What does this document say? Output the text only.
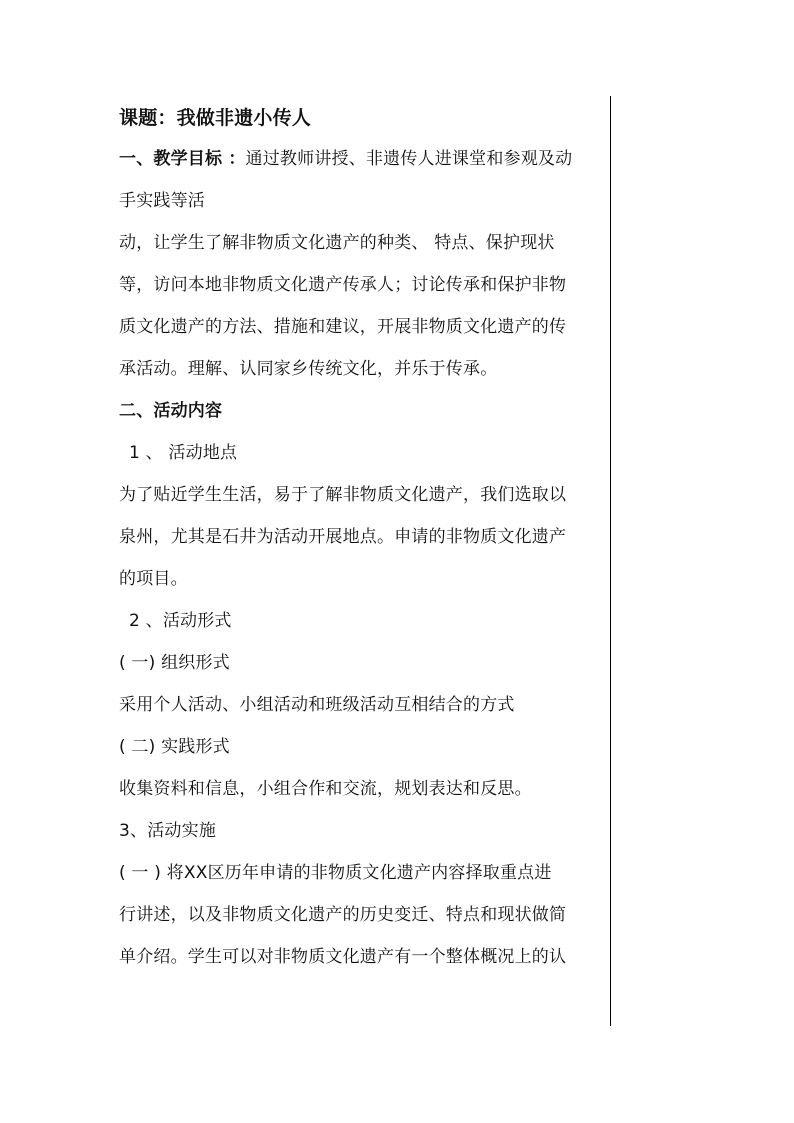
课题：我做非遗小传人
一、教学目标 ：通过教师讲授、非遗传人进课堂和参观及动
手实践等活
动，让学生了解非物质文化遗产的种类、 特点、保护现状
等，访问本地非物质文化遗产传承人；讨论传承和保护非物
质文化遗产的方法、措施和建议，开展非物质文化遗产的传
承活动。理解、认同家乡传统文化，并乐于传承。
二、活动内容
1 、 活动地点
为了贴近学生生活，易于了解非物质文化遗产，我们选取以
泉州，尤其是石井为活动开展地点。申请的非物质文化遗产
的项目。
2 、活动形式
( 一) 组织形式
采用个人活动、小组活动和班级活动互相结合的方式
( 二) 实践形式
收集资料和信息，小组合作和交流，规划表达和反思。
3、活动实施
( 一 ) 将XX区历年申请的非物质文化遗产内容择取重点进
行讲述，以及非物质文化遗产的历史变迁、特点和现状做简
单介绍。学生可以对非物质文化遗产有一个整体概况上的认
